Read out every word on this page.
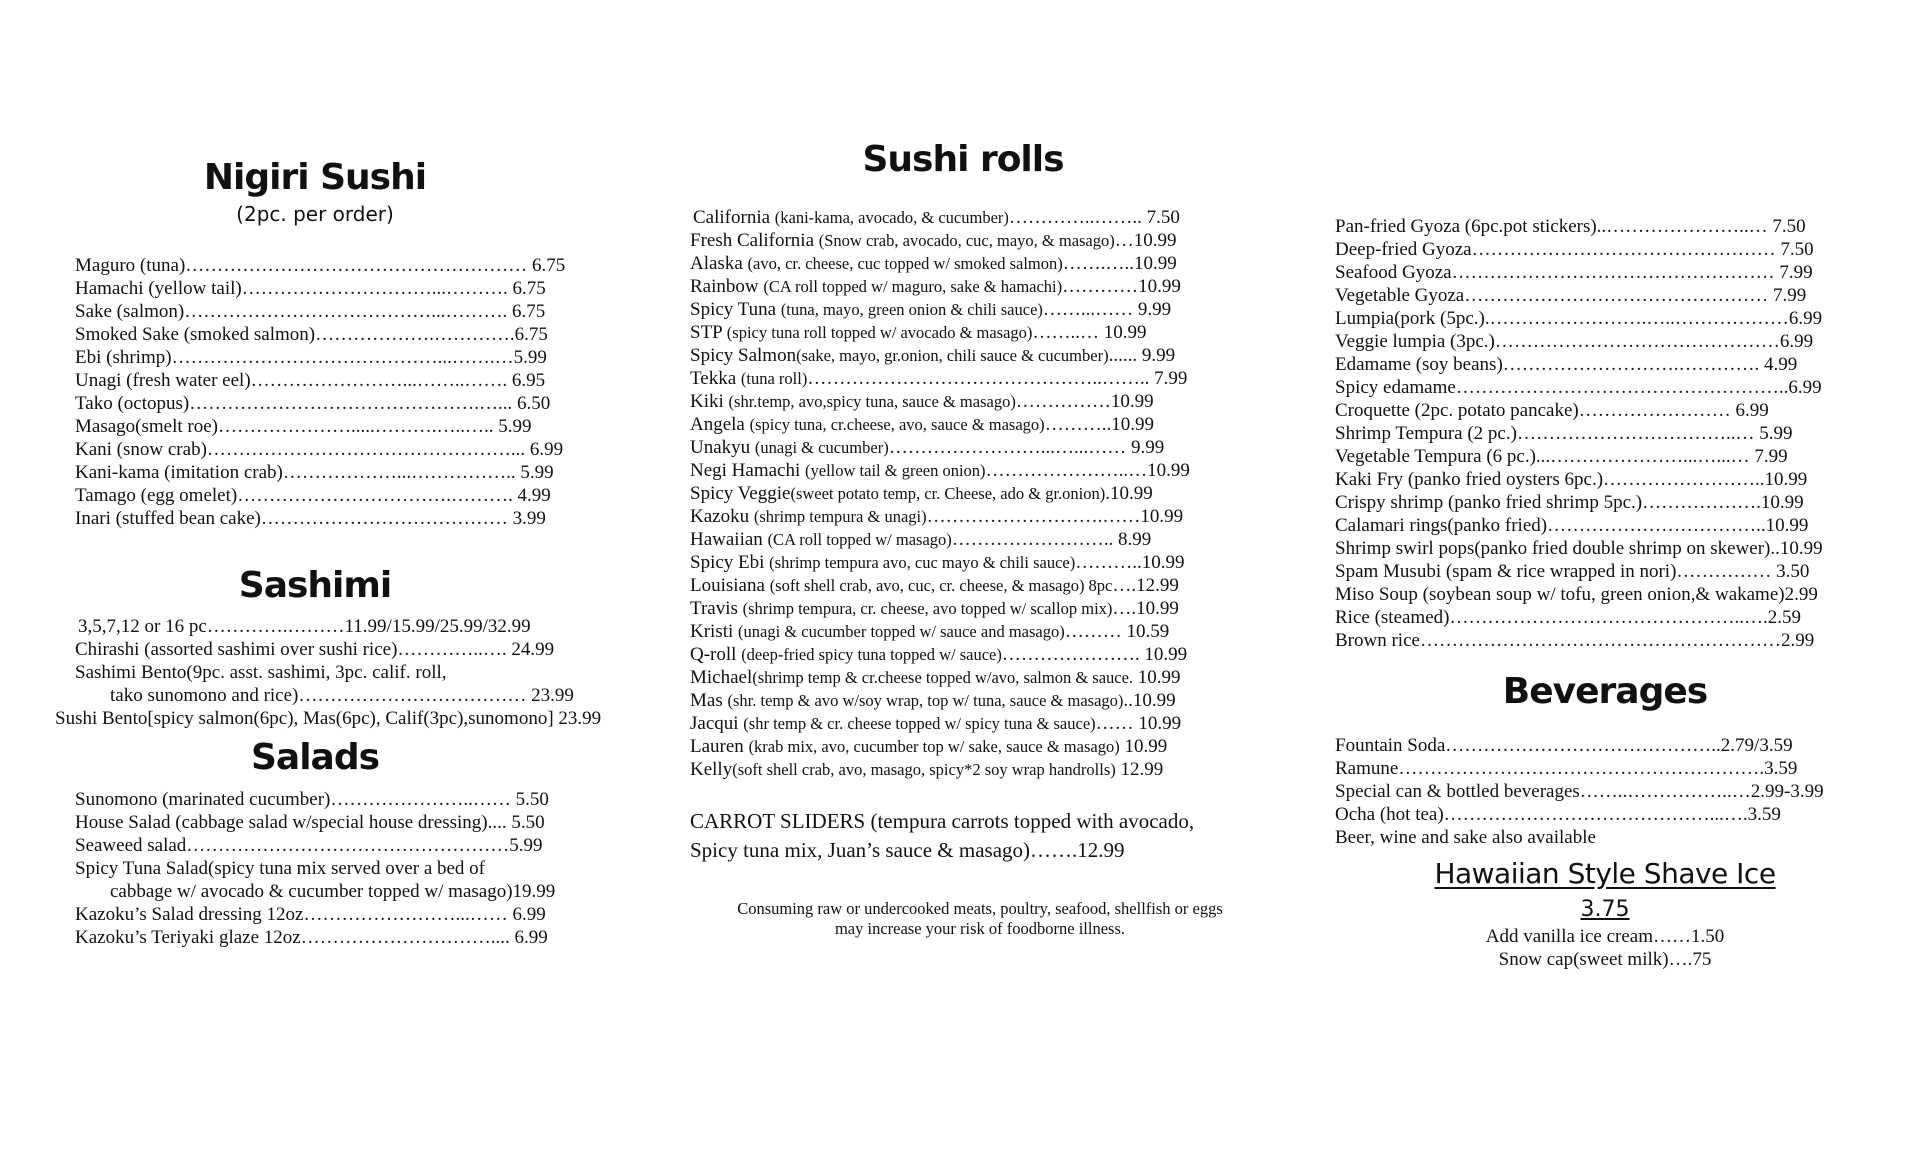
Nigiri Sushi
(2pc. per order)
Maguro (tuna)……………………………………………… 6.75
Hamachi (yellow tail)…………………………...………. 6.75
Sake (salmon)…………………………………...………. 6.75
Smoked Sake (smoked salmon)……………….………….6.75
Ebi (shrimp)……………………………………...…….…5.99
Unagi (fresh water eel)……………………...……..……. 6.95
Tako (octopus)……………………………………….…... 6.50
Masago(smelt roe)………………….....……….…..….. 5.99
Kani (snow crab)…………………………………………... 6.99
Kani-kama (imitation crab)………………...…………….. 5.99
Tamago (egg omelet)…………………………….………. 4.99
Inari (stuffed bean cake)………………………………… 3.99
Sashimi
3,5,7,12 or 16 pc………….………11.99/15.99/25.99/32.99
Chirashi (assorted sashimi over sushi rice)…………..…. 24.99
Sashimi Bento(9pc. asst. sashimi, 3pc. calif. roll,
tako sunomono and rice)……………………………… 23.99
Sushi Bento[spicy salmon(6pc), Mas(6pc), Calif(3pc),sunomono] 23.99
Salads
Sunomono (marinated cucumber)…………………..…… 5.50
House Salad (cabbage salad w/special house dressing).... 5.50
Seaweed salad……………………………………………5.99
Spicy Tuna Salad(spicy tuna mix served over a bed of
cabbage w/ avocado & cucumber topped w/ masago)19.99
Kazoku’s Salad dressing 12oz……………………...…… 6.99
Kazoku’s Teriyaki glaze 12oz………………………….... 6.99
Sushi rolls
California (kani-kama, avocado, & cucumber)…………..…….. 7.50
Fresh California (Snow crab, avocado, cuc, mayo, & masago)…10.99
Alaska (avo, cr. cheese, cuc topped w/ smoked salmon)…….…..10.99
Rainbow (CA roll topped w/ maguro, sake & hamachi)…………10.99
Spicy Tuna (tuna, mayo, green onion & chili sauce)……...…… 9.99
STP (spicy tuna roll topped w/ avocado & masago)……..… 10.99
Spicy Salmon(sake, mayo, gr.onion, chili sauce & cucumber)...... 9.99
Tekka (tuna roll)………………………………………..…….. 7.99
Kiki (shr.temp, avo,spicy tuna, sauce & masago)……………10.99
Angela (spicy tuna, cr.cheese, avo, sauce & masago)………..10.99
Unakyu (unagi & cucumber)……………………...…...…… 9.99
Negi Hamachi (yellow tail & green onion)…………………..…10.99
Spicy Veggie(sweet potato temp, cr. Cheese, ado & gr.onion).10.99
Kazoku (shrimp tempura & unagi)……………………….……10.99
Hawaiian (CA roll topped w/ masago)…………………….. 8.99
Spicy Ebi (shrimp tempura avo, cuc mayo & chili sauce)………..10.99
Louisiana (soft shell crab, avo, cuc, cr. cheese, & masago) 8pc….12.99
Travis (shrimp tempura, cr. cheese, avo topped w/ scallop mix)….10.99
Kristi (unagi & cucumber topped w/ sauce and masago)……… 10.59
Q-roll (deep-fried spicy tuna topped w/ sauce)…………………. 10.99
Michael(shrimp temp & cr.cheese topped w/avo, salmon & sauce. 10.99
Mas (shr. temp & avo w/soy wrap, top w/ tuna, sauce & masago)..10.99
Jacqui (shr temp & cr. cheese topped w/ spicy tuna & sauce)…… 10.99
Lauren (krab mix, avo, cucumber top w/ sake, sauce & masago) 10.99
Kelly(soft shell crab, avo, masago, spicy*2 soy wrap handrolls) 12.99
CARROT SLIDERS (tempura carrots topped with avocado,
Spicy tuna mix, Juan’s sauce & masago)…….12.99
Consuming raw or undercooked meats, poultry, seafood, shellfish or eggs
may increase your risk of foodborne illness.
Pan-fried Gyoza (6pc.pot stickers)..…………………..… 7.50
Deep-fried Gyoza………………………………………… 7.50
Seafood Gyoza…………………………………………… 7.99
Vegetable Gyoza………………………………………… 7.99
Lumpia(pork (5pc.).…………………….…..………………6.99
Veggie lumpia (3pc.)………………………………………6.99
Edamame (soy beans)……………………….…………. 4.99
Spicy edamame……………………………………………..6.99
Croquette (2pc. potato pancake)…………………… 6.99
Shrimp Tempura (2 pc.)……………………………..… 5.99
Vegetable Tempura (6 pc.)...…………………...…...… 7.99
Kaki Fry (panko fried oysters 6pc.)……………………..10.99
Crispy shrimp (panko fried shrimp 5pc.)……………….10.99
Calamari rings(panko fried)……………………………..10.99
Shrimp swirl pops(panko fried double shrimp on skewer)..10.99
Spam Musubi (spam & rice wrapped in nori)…………… 3.50
Miso Soup (soybean soup w/ tofu, green onion,& wakame)2.99
Rice (steamed)………………………………………..….2.59
Brown rice…………………………………………………2.99
Beverages
Fountain Soda……………………………………..2.79/3.59
Ramune………………………………………………….3.59
Special can & bottled beverages……..……………..…2.99-3.99
Ocha (hot tea)……………………………………...….3.59
Beer, wine and sake also available
Hawaiian Style Shave Ice
3.75
Add vanilla ice cream……1.50
Snow cap(sweet milk)….75
